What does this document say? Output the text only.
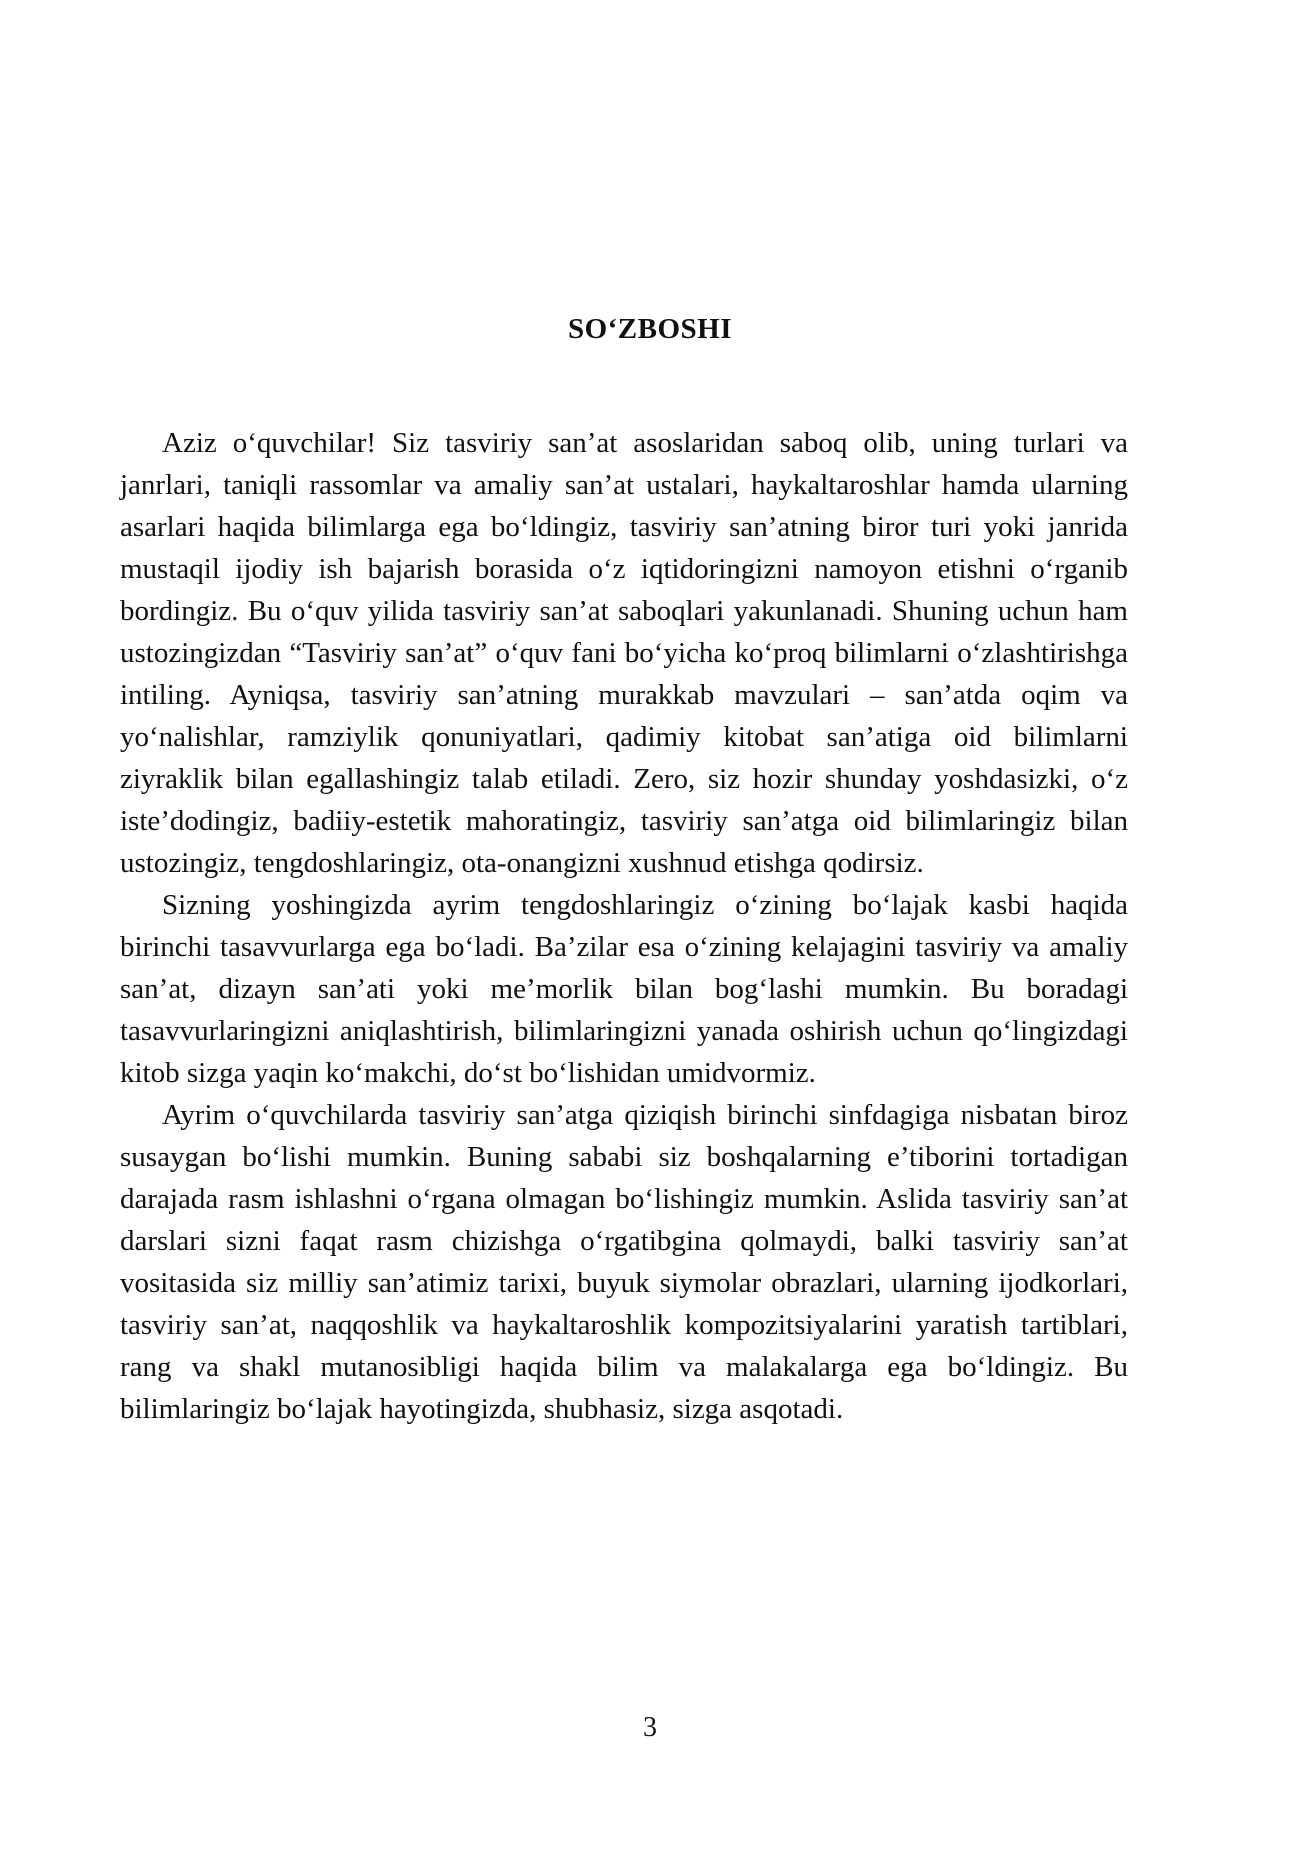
SO‘ZBOSHI

Aziz o‘quvchilar! Siz tasviriy san’at asoslaridan saboq olib, uning turlari va janrlari, taniqli rassomlar va amaliy san’at ustalari, haykaltaroshlar hamda ularning asarlari haqida bilimlarga ega bo‘ldingiz, tasviriy san’atning biror turi yoki janrida mustaqil ijodiy ish bajarish borasida o‘z iqtidoringizni namoyon etishni o‘rganib bordingiz. Bu o‘quv yilida tasviriy san’at saboqlari yakunlanadi. Shuning uchun ham ustozingizdan “Tasviriy san’at” o‘quv fani bo‘yicha ko‘proq bilimlarni o‘zlashtirishga intiling. Ayniqsa, tasviriy san’atning murakkab mavzulari – san’atda oqim va yo‘nalishlar, ramziylik qonuniyatlari, qadimiy kitobat san’atiga oid bilimlarni ziyraklik bilan egallashingiz talab etiladi. Zero, siz hozir shunday yoshdasizki, o‘z iste’dodingiz, badiiy-estetik mahoratingiz, tasviriy san’atga oid bilimlaringiz bilan ustozingiz, tengdoshlaringiz, ota-onangizni xushnud etishga qodirsiz.

Sizning yoshingizda ayrim tengdoshlaringiz o‘zining bo‘lajak kasbi haqida birinchi tasavvurlarga ega bo‘ladi. Ba’zilar esa o‘zining kelajagini tasviriy va amaliy san’at, dizayn san’ati yoki me’morlik bilan bog‘lashi mumkin. Bu boradagi tasavvurlaringizni aniqlashtirish, bilimlaringizni yanada oshirish uchun qo‘lingizdagi kitob sizga yaqin ko‘makchi, do‘st bo‘lishidan umidvormiz.

Ayrim o‘quvchilarda tasviriy san’atga qiziqish birinchi sinfdagiga nisbatan biroz susaygan bo‘lishi mumkin. Buning sababi siz boshqalarning e’tiborini tortadigan darajada rasm ishlashni o‘rgana olmagan bo‘lishingiz mumkin. Aslida tasviriy san’at darslari sizni faqat rasm chizishga o‘rgatibgina qolmaydi, balki tasviriy san’at vositasida siz milliy san’atimiz tarixi, buyuk siymolar obrazlari, ularning ijodkorlari, tasviriy san’at, naqqoshlik va haykaltaroshlik kompozitsiyalarini yaratish tartiblari, rang va shakl mutanosibligi haqida bilim va malakalarga ega bo‘ldingiz. Bu bilimlaringiz bo‘lajak hayotingizda, shubhasiz, sizga asqotadi.

3
